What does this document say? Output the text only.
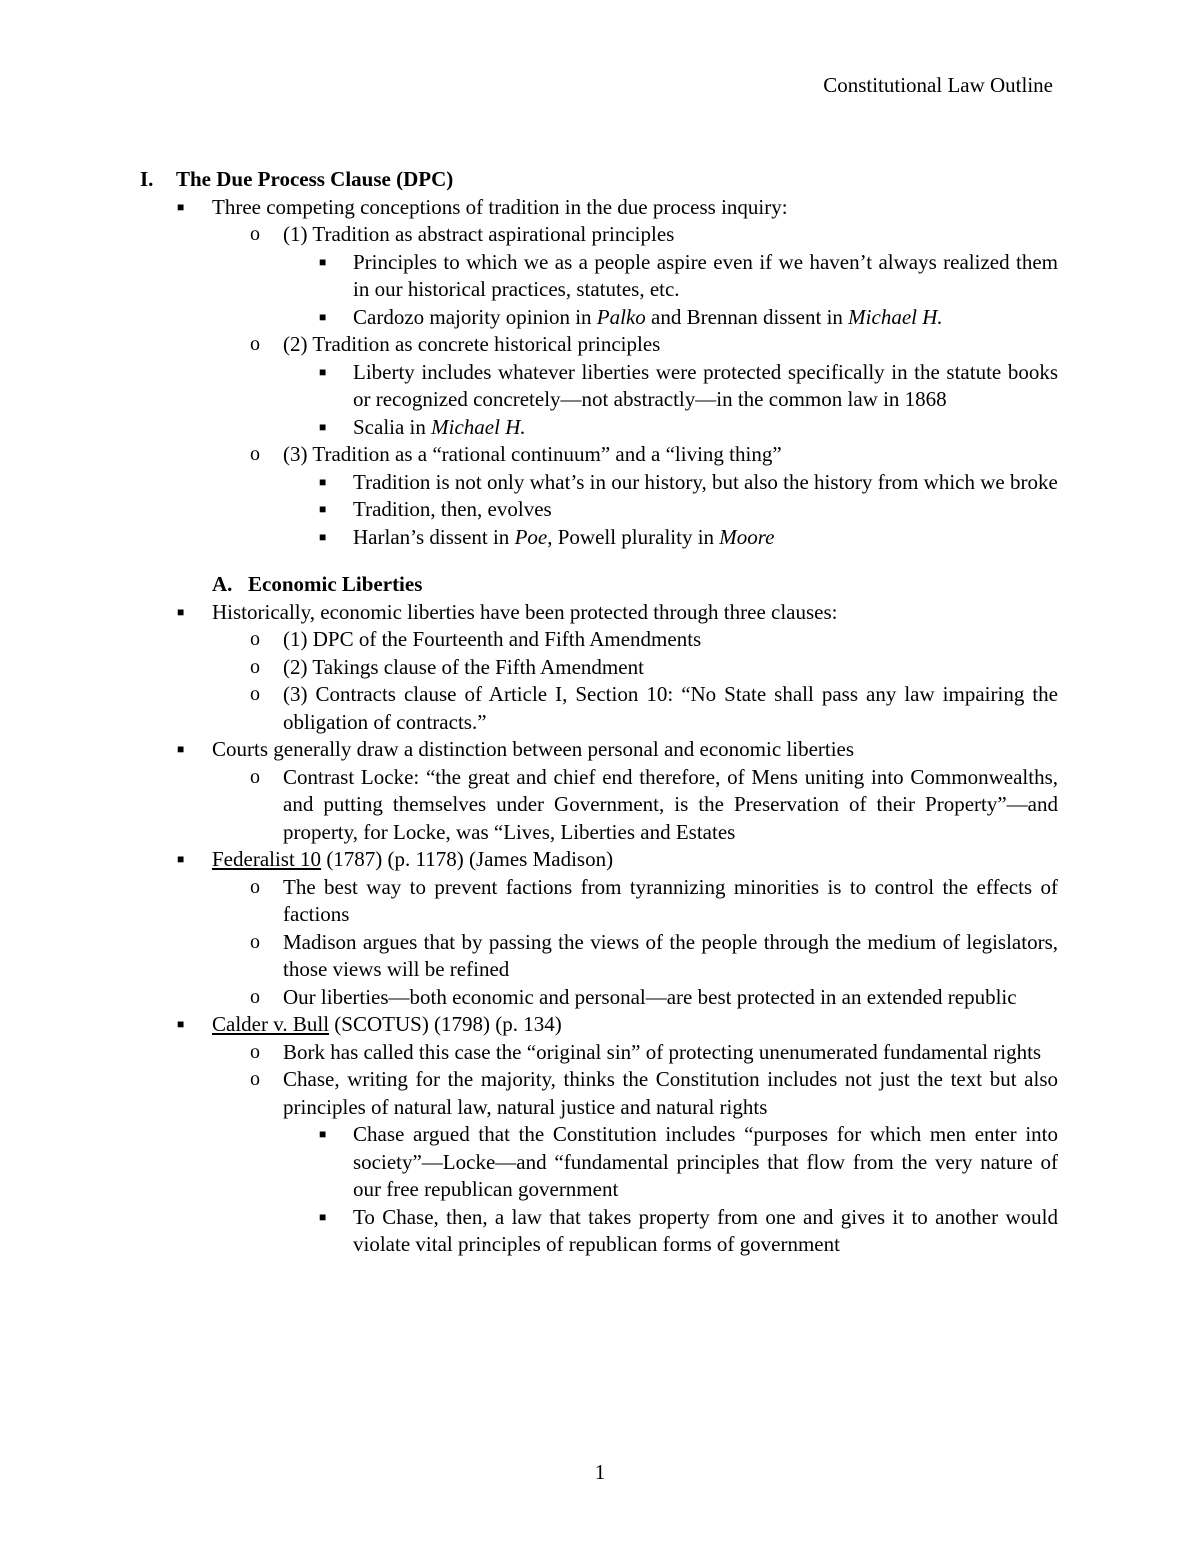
Constitutional Law Outline
I. The Due Process Clause (DPC)
■ Three competing conceptions of tradition in the due process inquiry:
o (1) Tradition as abstract aspirational principles
■ Principles to which we as a people aspire even if we haven’t always realized them in our historical practices, statutes, etc.
■ Cardozo majority opinion in Palko and Brennan dissent in Michael H.
o (2) Tradition as concrete historical principles
■ Liberty includes whatever liberties were protected specifically in the statute books or recognized concretely—not abstractly—in the common law in 1868
■ Scalia in Michael H.
o (3) Tradition as a “rational continuum” and a “living thing”
■ Tradition is not only what’s in our history, but also the history from which we broke
■ Tradition, then, evolves
■ Harlan’s dissent in Poe, Powell plurality in Moore
A. Economic Liberties
■ Historically, economic liberties have been protected through three clauses:
o (1) DPC of the Fourteenth and Fifth Amendments
o (2) Takings clause of the Fifth Amendment
o (3) Contracts clause of Article I, Section 10: “No State shall pass any law impairing the obligation of contracts.”
■ Courts generally draw a distinction between personal and economic liberties
o Contrast Locke: “the great and chief end therefore, of Mens uniting into Commonwealths, and putting themselves under Government, is the Preservation of their Property”—and property, for Locke, was “Lives, Liberties and Estates
■ Federalist 10 (1787) (p. 1178) (James Madison)
o The best way to prevent factions from tyrannizing minorities is to control the effects of factions
o Madison argues that by passing the views of the people through the medium of legislators, those views will be refined
o Our liberties—both economic and personal—are best protected in an extended republic
■ Calder v. Bull (SCOTUS) (1798) (p. 134)
o Bork has called this case the “original sin” of protecting unenumerated fundamental rights
o Chase, writing for the majority, thinks the Constitution includes not just the text but also principles of natural law, natural justice and natural rights
■ Chase argued that the Constitution includes “purposes for which men enter into society”—Locke—and “fundamental principles that flow from the very nature of our free republican government
■ To Chase, then, a law that takes property from one and gives it to another would violate vital principles of republican forms of government
1
